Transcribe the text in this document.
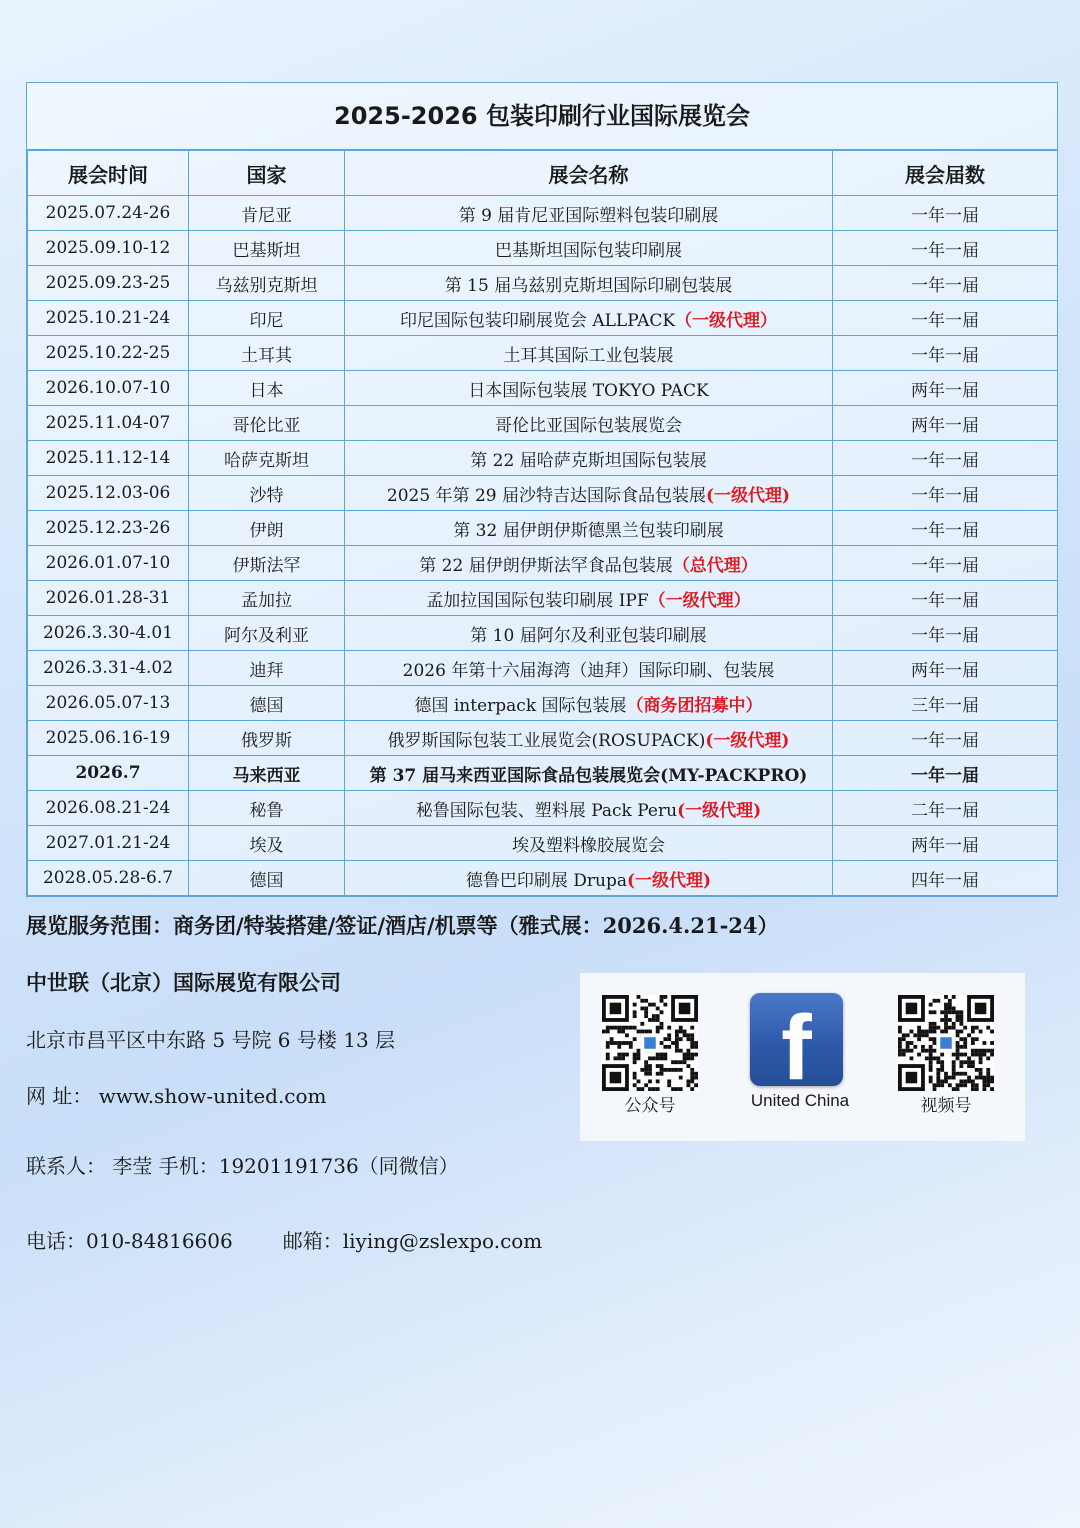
2025-2026 包装印刷行业国际展览会
展会时间	国家	展会名称	展会届数
2025.07.24-26	肯尼亚	第 9 届肯尼亚国际塑料包装印刷展	一年一届
2025.09.10-12	巴基斯坦	巴基斯坦国际包装印刷展	一年一届
2025.09.23-25	乌兹别克斯坦	第 15 届乌兹别克斯坦国际印刷包装展	一年一届
2025.10.21-24	印尼	印尼国际包装印刷展览会 ALLPACK（一级代理）	一年一届
2025.10.22-25	土耳其	土耳其国际工业包装展	一年一届
2026.10.07-10	日本	日本国际包装展 TOKYO PACK	两年一届
2025.11.04-07	哥伦比亚	哥伦比亚国际包装展览会	两年一届
2025.11.12-14	哈萨克斯坦	第 22 届哈萨克斯坦国际包装展	一年一届
2025.12.03-06	沙特	2025 年第 29 届沙特吉达国际食品包装展(一级代理)	一年一届
2025.12.23-26	伊朗	第 32 届伊朗伊斯德黑兰包装印刷展	一年一届
2026.01.07-10	伊斯法罕	第 22 届伊朗伊斯法罕食品包装展（总代理）	一年一届
2026.01.28-31	孟加拉	孟加拉国国际包装印刷展 IPF（一级代理）	一年一届
2026.3.30-4.01	阿尔及利亚	第 10 届阿尔及利亚包装印刷展	一年一届
2026.3.31-4.02	迪拜	2026 年第十六届海湾（迪拜）国际印刷、包装展	两年一届
2026.05.07-13	德国	德国 interpack 国际包装展（商务团招募中）	三年一届
2025.06.16-19	俄罗斯	俄罗斯国际包装工业展览会(ROSUPACK)(一级代理)	一年一届
2026.7	马来西亚	第 37 届马来西亚国际食品包装展览会(MY-PACKPRO)	一年一届
2026.08.21-24	秘鲁	秘鲁国际包装、塑料展 Pack Peru(一级代理)	二年一届
2027.01.21-24	埃及	埃及塑料橡胶展览会	两年一届
2028.05.28-6.7	德国	德鲁巴印刷展 Drupa(一级代理)	四年一届
展览服务范围：商务团/特装搭建/签证/酒店/机票等（雅式展：2026.4.21-24）
中世联（北京）国际展览有限公司
北京市昌平区中东路 5 号院 6 号楼 13 层
网 址： www.show-united.com
联系人： 李莹 手机：19201191736（同微信）
电话：010-84816606	邮箱：liying@zslexpo.com
公众号
f
United China	视频号
